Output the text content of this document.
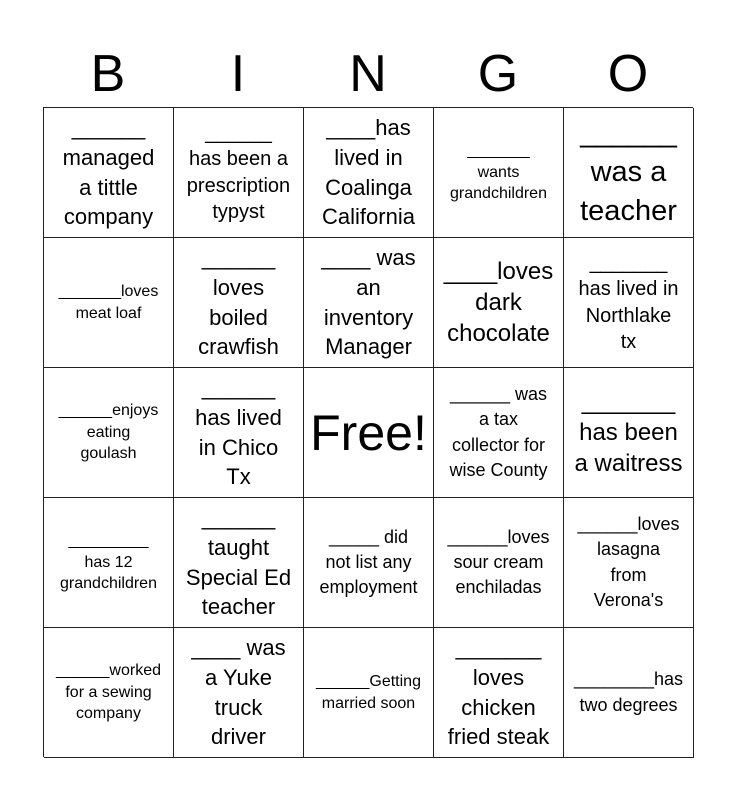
B	I	N	G	O
______
managed
a tittle
company
______
has been a
prescription
typyst
____has
lived in
Coalinga
California
_______
wants
grandchildren
______
was a
teacher
_______loves
meat loaf
______
loves
boiled
crawfish
____ was
an
inventory
Manager
____loves
dark
chocolate
_______
has lived in
Northlake
tx
______enjoys
eating
goulash
______
has lived
in Chico
Tx
Free!
______ was
a tax
collector for
wise County
_______
has been
a waitress
_________
has 12
grandchildren
______
taught
Special Ed
teacher
_____ did
not list any
employment
______loves
sour cream
enchiladas
______loves
lasagna
from
Verona's
______worked
for a sewing
company
____ was
a Yuke
truck
driver
______Getting
married soon
_______
loves
chicken
fried steak
________has
two degrees
